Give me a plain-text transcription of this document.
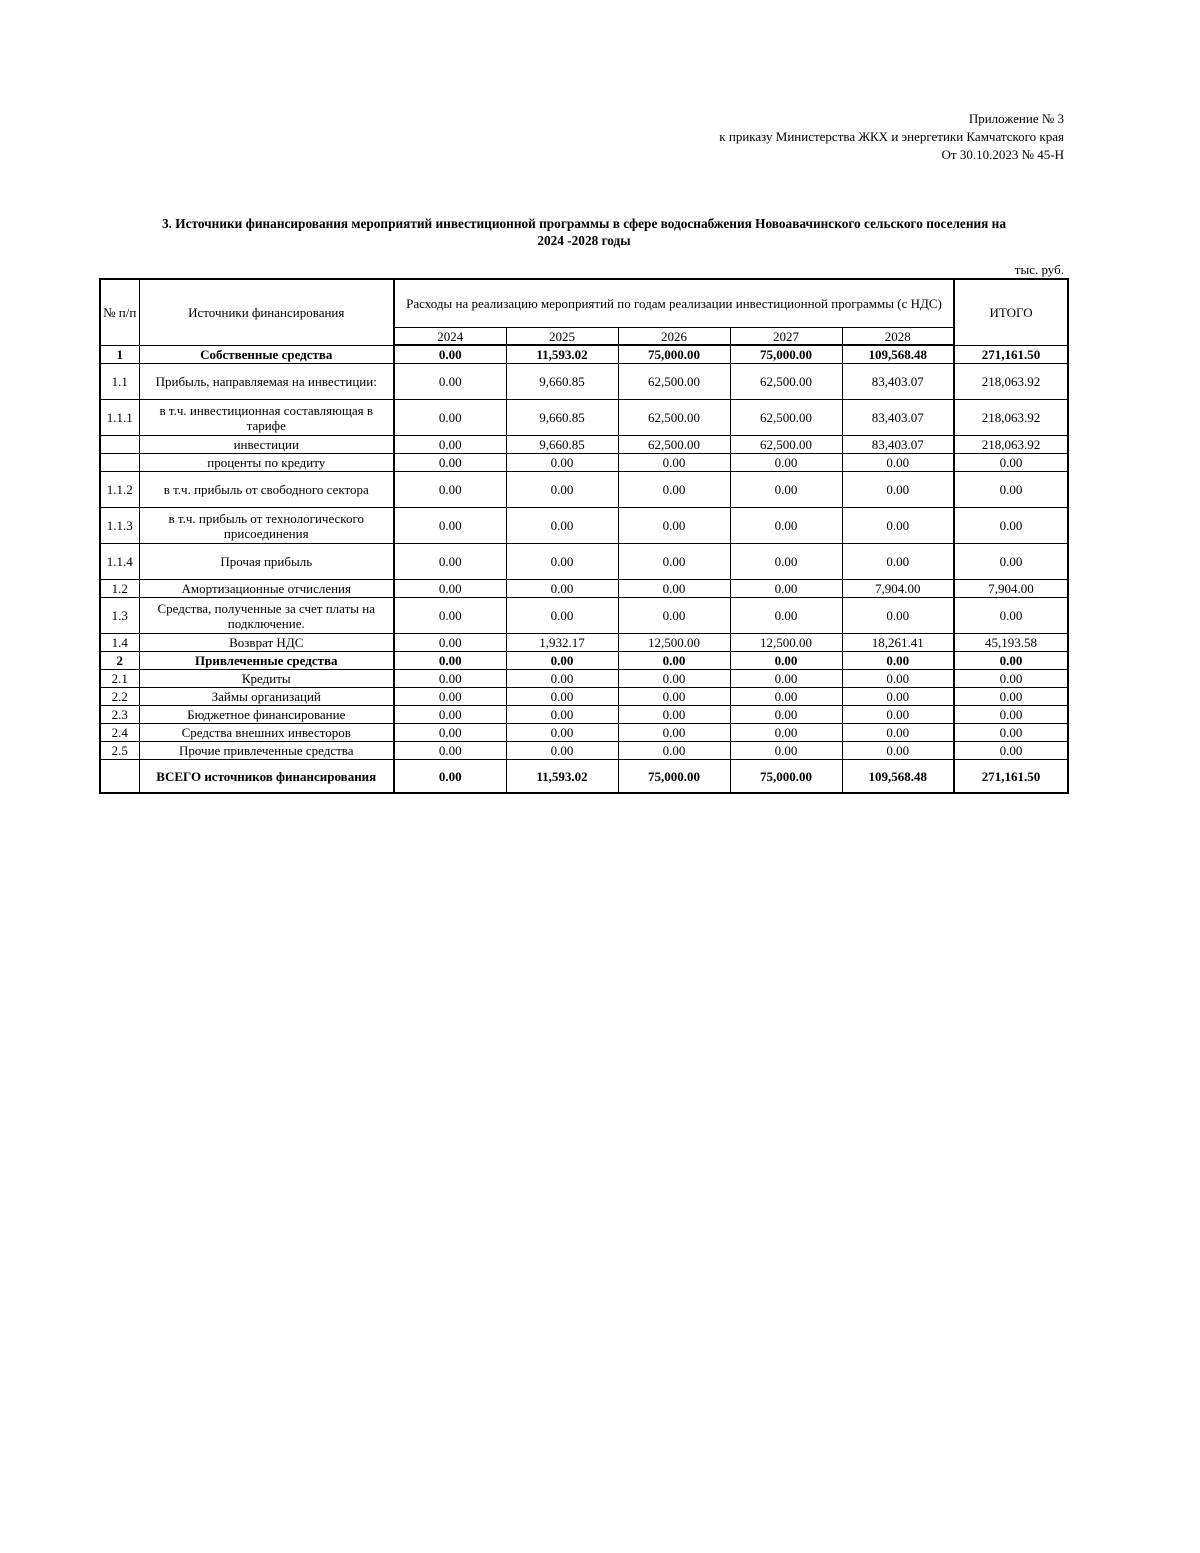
Приложение № 3
к приказу Министерства ЖКХ и энергетики Камчатского края
От 30.10.2023 № 45-Н
3. Источники финансирования мероприятий инвестиционной программы в сфере водоснабжения Новоавачинского сельского поселения на
2024 -2028 годы
тыс. руб.
№ п/п	Источники финансирования	Расходы на реализацию мероприятий по годам реализации инвестиционной программы (с НДС)					ИТОГО
		2024	2025	2026	2027	2028	
1	Собственные средства	0.00	11,593.02	75,000.00	75,000.00	109,568.48	271,161.50
1.1	Прибыль, направляемая на инвестиции:	0.00	9,660.85	62,500.00	62,500.00	83,403.07	218,063.92
1.1.1	в т.ч. инвестиционная составляющая в тарифе	0.00	9,660.85	62,500.00	62,500.00	83,403.07	218,063.92
	инвестиции	0.00	9,660.85	62,500.00	62,500.00	83,403.07	218,063.92
	проценты по кредиту	0.00	0.00	0.00	0.00	0.00	0.00
1.1.2	в т.ч. прибыль от свободного сектора	0.00	0.00	0.00	0.00	0.00	0.00
1.1.3	в т.ч. прибыль от технологического присоединения	0.00	0.00	0.00	0.00	0.00	0.00
1.1.4	Прочая прибыль	0.00	0.00	0.00	0.00	0.00	0.00
1.2	Амортизационные отчисления	0.00	0.00	0.00	0.00	7,904.00	7,904.00
1.3	Средства, полученные за счет платы на подключение.	0.00	0.00	0.00	0.00	0.00	0.00
1.4	Возврат НДС	0.00	1,932.17	12,500.00	12,500.00	18,261.41	45,193.58
2	Привлеченные средства	0.00	0.00	0.00	0.00	0.00	0.00
2.1	Кредиты	0.00	0.00	0.00	0.00	0.00	0.00
2.2	Займы организаций	0.00	0.00	0.00	0.00	0.00	0.00
2.3	Бюджетное финансирование	0.00	0.00	0.00	0.00	0.00	0.00
2.4	Средства внешних инвесторов	0.00	0.00	0.00	0.00	0.00	0.00
2.5	Прочие привлеченные средства	0.00	0.00	0.00	0.00	0.00	0.00
	ВСЕГО источников финансирования	0.00	11,593.02	75,000.00	75,000.00	109,568.48	271,161.50
